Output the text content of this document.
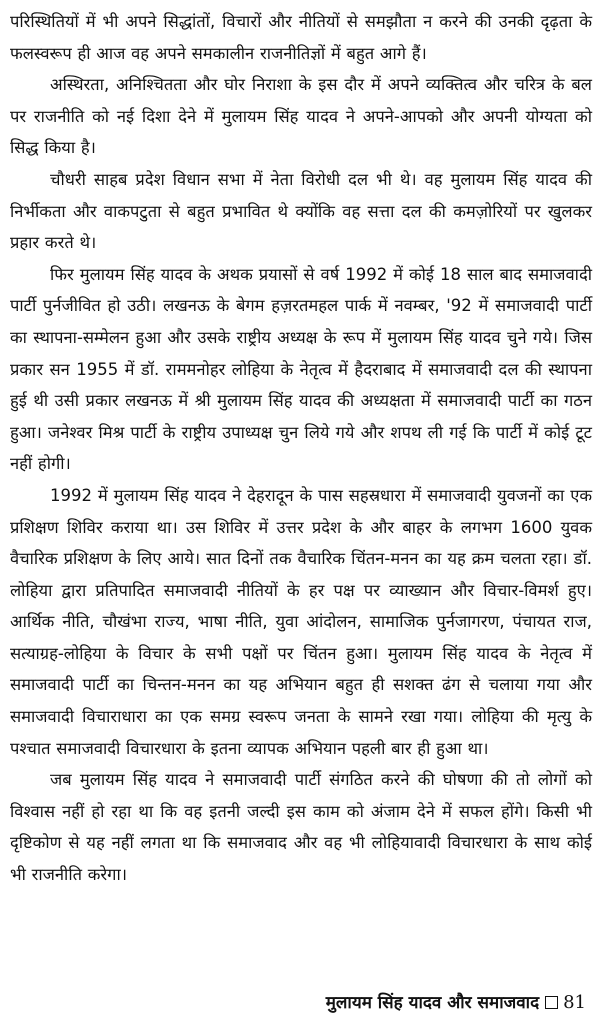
परिस्थितियों में भी अपने सिद्धांतों, विचारों और नीतियों से समझौता न करने की उनकी दृढ़ता के फलस्वरूप ही आज वह अपने समकालीन राजनीतिज्ञों में बहुत आगे हैं।

अस्थिरता, अनिश्चितता और घोर निराशा के इस दौर में अपने व्यक्तित्व और चरित्र के बल पर राजनीति को नई दिशा देने में मुलायम सिंह यादव ने अपने-आपको और अपनी योग्यता को सिद्ध किया है।

चौधरी साहब प्रदेश विधान सभा में नेता विरोधी दल भी थे। वह मुलायम सिंह यादव की निर्भीकता और वाकपटुता से बहुत प्रभावित थे क्योंकि वह सत्ता दल की कमज़ोरियों पर खुलकर प्रहार करते थे।

फिर मुलायम सिंह यादव के अथक प्रयासों से वर्ष 1992 में कोई 18 साल बाद समाजवादी पार्टी पुर्नजीवित हो उठी। लखनऊ के बेगम हज़रतमहल पार्क में नवम्बर, '92 में समाजवादी पार्टी का स्थापना-सम्मेलन हुआ और उसके राष्ट्रीय अध्यक्ष के रूप में मुलायम सिंह यादव चुने गये। जिस प्रकार सन 1955 में डॉ. राममनोहर लोहिया के नेतृत्व में हैदराबाद में समाजवादी दल की स्थापना हुई थी उसी प्रकार लखनऊ में श्री मुलायम सिंह यादव की अध्यक्षता में समाजवादी पार्टी का गठन हुआ। जनेश्वर मिश्र पार्टी के राष्ट्रीय उपाध्यक्ष चुन लिये गये और शपथ ली गई कि पार्टी में कोई टूट नहीं होगी।

1992 में मुलायम सिंह यादव ने देहरादून के पास सहस्रधारा में समाजवादी युवजनों का एक प्रशिक्षण शिविर कराया था। उस शिविर में उत्तर प्रदेश के और बाहर के लगभग 1600 युवक वैचारिक प्रशिक्षण के लिए आये। सात दिनों तक वैचारिक चिंतन-मनन का यह क्रम चलता रहा। डॉ. लोहिया द्वारा प्रतिपादित समाजवादी नीतियों के हर पक्ष पर व्याख्यान और विचार-विमर्श हुए। आर्थिक नीति, चौखंभा राज्य, भाषा नीति, युवा आंदोलन, सामाजिक पुर्नजागरण, पंचायत राज, सत्याग्रह-लोहिया के विचार के सभी पक्षों पर चिंतन हुआ। मुलायम सिंह यादव के नेतृत्व में समाजवादी पार्टी का चिन्तन-मनन का यह अभियान बहुत ही सशक्त ढंग से चलाया गया और समाजवादी विचाराधारा का एक समग्र स्वरूप जनता के सामने रखा गया। लोहिया की मृत्यु के पश्चात समाजवादी विचारधारा के इतना व्यापक अभियान पहली बार ही हुआ था।

जब मुलायम सिंह यादव ने समाजवादी पार्टी संगठित करने की घोषणा की तो लोगों को विश्वास नहीं हो रहा था कि वह इतनी जल्दी इस काम को अंजाम देने में सफल होंगे। किसी भी दृष्टिकोण से यह नहीं लगता था कि समाजवाद और वह भी लोहियावादी विचारधारा के साथ कोई भी राजनीति करेगा।

मुलायम सिंह यादव और समाजवाद 81
